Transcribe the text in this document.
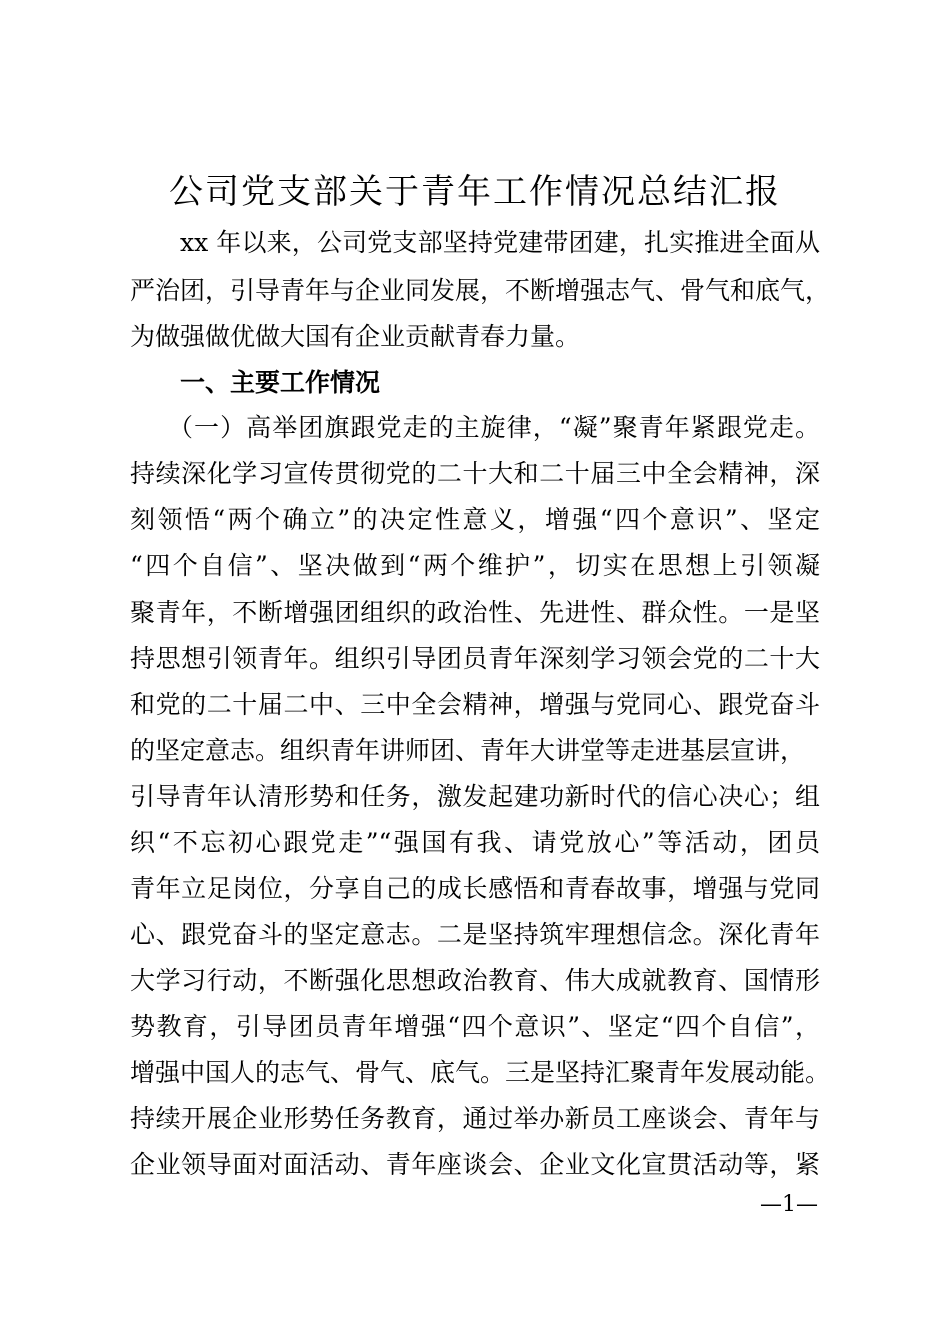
公司党支部关于青年工作情况总结汇报
xx 年以来，公司党支部坚持党建带团建，扎实推进全面从
严治团，引导青年与企业同发展，不断增强志气、骨气和底气，
为做强做优做大国有企业贡献青春力量。
一、主要工作情况
（一）高举团旗跟党走的主旋律，“凝”聚青年紧跟党走。
持续深化学习宣传贯彻党的二十大和二十届三中全会精神，深
刻领悟“两个确立”的决定性意义，增强“四个意识”、坚定
“四个自信”、坚决做到“两个维护”，切实在思想上引领凝
聚青年，不断增强团组织的政治性、先进性、群众性。一是坚
持思想引领青年。组织引导团员青年深刻学习领会党的二十大
和党的二十届二中、三中全会精神，增强与党同心、跟党奋斗
的坚定意志。组织青年讲师团、青年大讲堂等走进基层宣讲，
引导青年认清形势和任务，激发起建功新时代的信心决心；组
织“不忘初心跟党走”“强国有我、请党放心”等活动，团员
青年立足岗位，分享自己的成长感悟和青春故事，增强与党同
心、跟党奋斗的坚定意志。二是坚持筑牢理想信念。深化青年
大学习行动，不断强化思想政治教育、伟大成就教育、国情形
势教育，引导团员青年增强“四个意识”、坚定“四个自信”，
增强中国人的志气、骨气、底气。三是坚持汇聚青年发展动能。
持续开展企业形势任务教育，通过举办新员工座谈会、青年与
企业领导面对面活动、青年座谈会、企业文化宣贯活动等，紧
—1—
